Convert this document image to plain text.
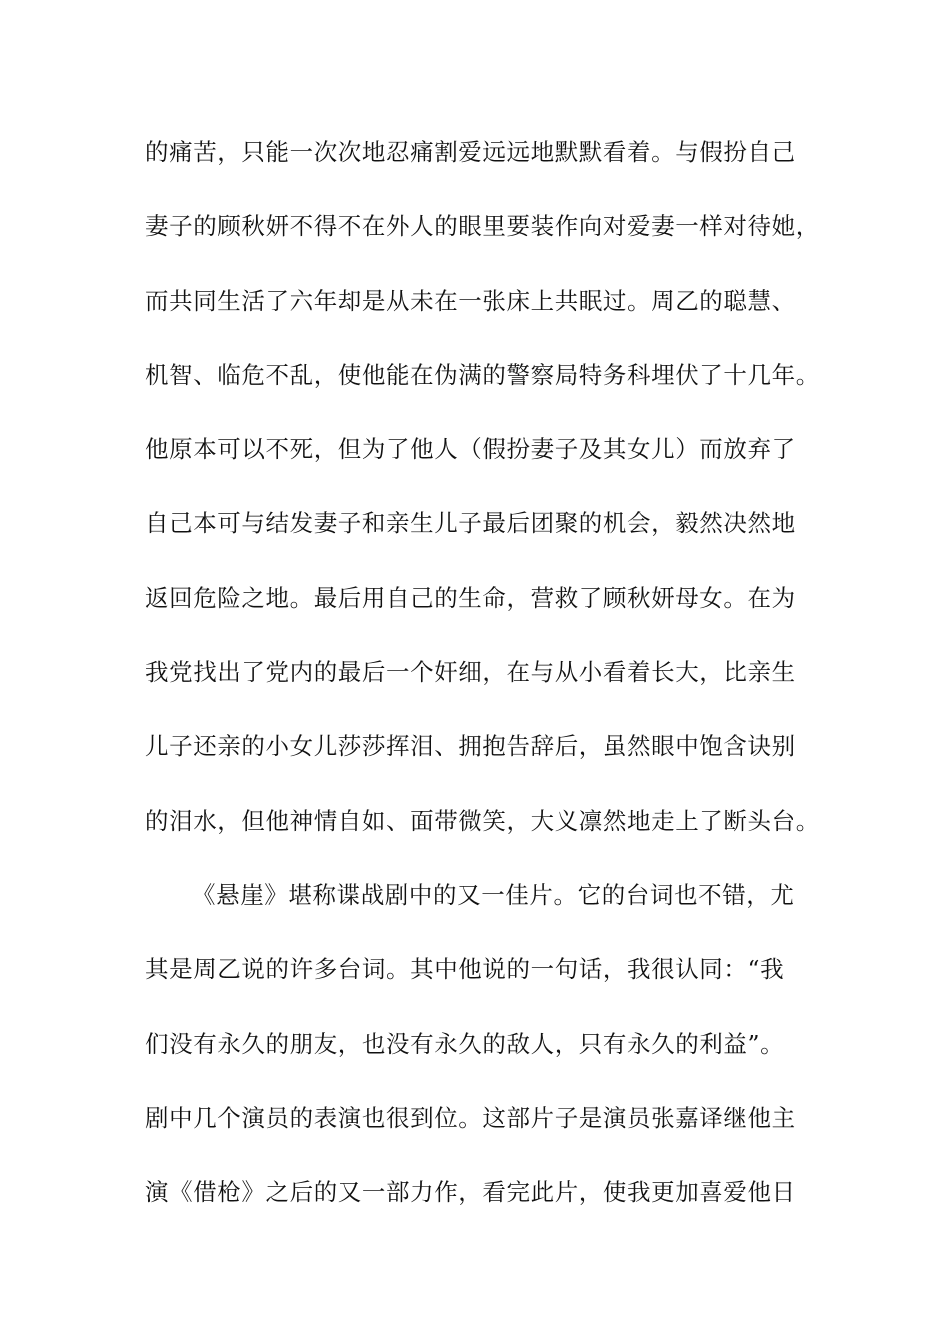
的痛苦，只能一次次地忍痛割爱远远地默默看着。与假扮自己
妻子的顾秋妍不得不在外人的眼里要装作向对爱妻一样对待她，
而共同生活了六年却是从未在一张床上共眠过。周乙的聪慧、
机智、临危不乱，使他能在伪满的警察局特务科埋伏了十几年。
他原本可以不死，但为了他人（假扮妻子及其女儿）而放弃了
自己本可与结发妻子和亲生儿子最后团聚的机会，毅然决然地
返回危险之地。最后用自己的生命，营救了顾秋妍母女。在为
我党找出了党内的最后一个奸细，在与从小看着长大，比亲生
儿子还亲的小女儿莎莎挥泪、拥抱告辞后，虽然眼中饱含诀别
的泪水，但他神情自如、面带微笑，大义凛然地走上了断头台。
《悬崖》堪称谍战剧中的又一佳片。它的台词也不错，尤
其是周乙说的许多台词。其中他说的一句话，我很认同：“我
们没有永久的朋友，也没有永久的敌人，只有永久的利益”。
剧中几个演员的表演也很到位。这部片子是演员张嘉译继他主
演《借枪》之后的又一部力作，看完此片，使我更加喜爱他日
